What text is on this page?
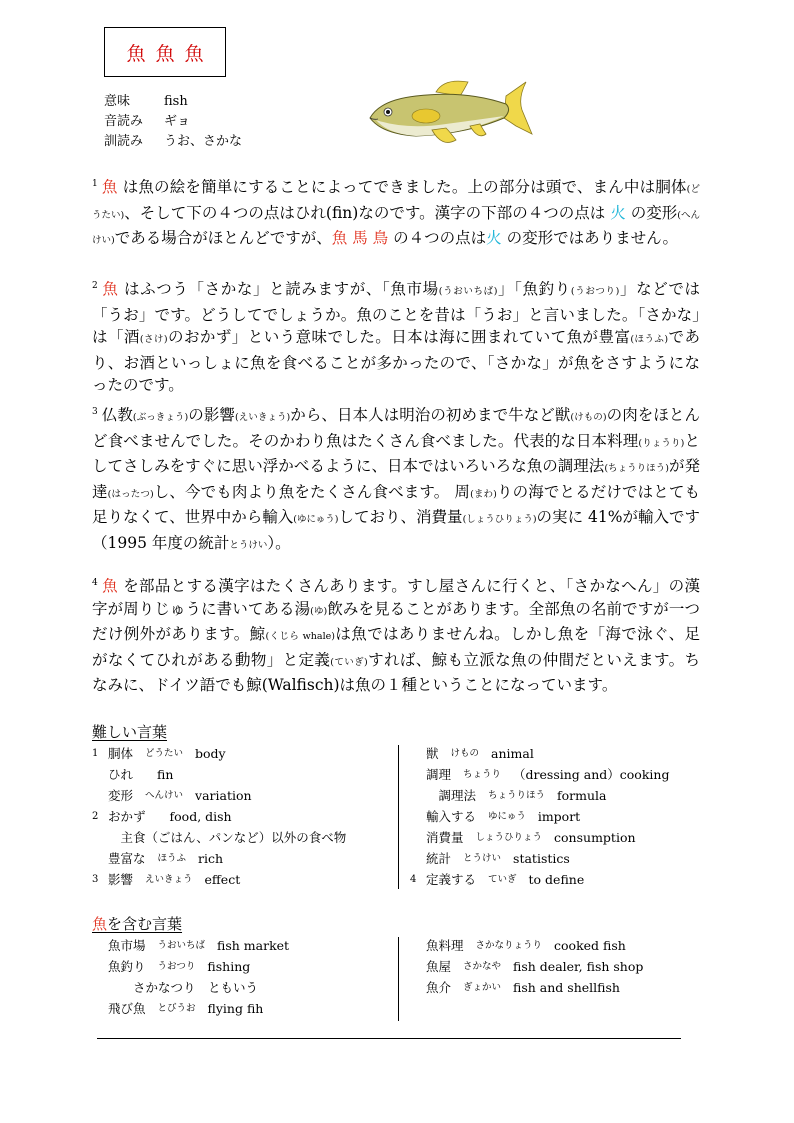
魚 魚 魚
意味	fish
音読み	ギョ
訓読み	うお、さかな
$^1$ 魚 は魚の絵を簡単にすることによってできました。上の部分は頭で、まん中は胴体(どうたい)、そして下の４つの点はひれ(fin)なのです。漢字の下部の４つの点は 火 の変形(へんけい)である場合がほとんどですが、魚 馬 鳥 の４つの点は火 の変形ではありません。
$^2$ 魚 はふつう「さかな」と読みますが、「魚市場(うおいちば)」「魚釣り(うおつり)」などでは「うお」です。どうしてでしょうか。魚のことを昔は「うお」と言いました。「さかな」は「酒(さけ)のおかず」という意味でした。日本は海に囲まれていて魚が豊富(ほうふ)であり、お酒といっしょに魚を食べることが多かったので、「さかな」が魚をさすようになったのです。
$^3$ 仏教(ぶっきょう)の影響(えいきょう)から、日本人は明治の初めまで牛など獣(けもの)の肉をほとんど食べませんでした。そのかわり魚はたくさん食べました。代表的な日本料理(りょうり)としてさしみをすぐに思い浮かべるように、日本ではいろいろな魚の調理法(ちょうりほう)が発達(はったつ)し、今でも肉より魚をたくさん食べます。 周(まわ)りの海でとるだけではとても足りなくて、世界中から輸入(ゆにゅう)しており、消費量(しょうひりょう)の実に 41%が輸入です（1995 年度の統計とうけい）。
$^4$ 魚 を部品とする漢字はたくさんあります。すし屋さんに行くと、「さかなへん」の漢字が周りじゅうに書いてある湯(ゆ)飲みを見ることがあります。全部魚の名前ですが一つだけ例外があります。鯨(くじら whale)は魚ではありませんね。しかし魚を「海で泳ぐ、足がなくてひれがある動物」と定義(ていぎ)すれば、鯨も立派な魚の仲間だといえます。ちなみに、ドイツ語でも鯨(Walfisch)は魚の１種ということになっています。
難しい言葉
1 胴体 どうたい body
ひれ fin
変形 へんけい variation
2 おかず food, dish
　主食（ごはん、パンなど）以外の食べ物
豊富な ほうふ rich
3 影響 えいきょう effect
獣 けもの animal
調理 ちょうり （dressing and）cooking
　調理法 ちょうりほう formula
輸入する ゆにゅう import
消費量 しょうひりょう consumption
統計 とうけい statistics
4 定義する ていぎ to define
魚を含む言葉
魚市場 うおいちば fish market
魚釣り うおつり fishing
　　さかなつり　ともいう
飛び魚 とびうお flying fih
魚料理 さかなりょうり cooked fish
魚屋 さかなや fish dealer, fish shop
魚介 ぎょかい fish and shellfish
